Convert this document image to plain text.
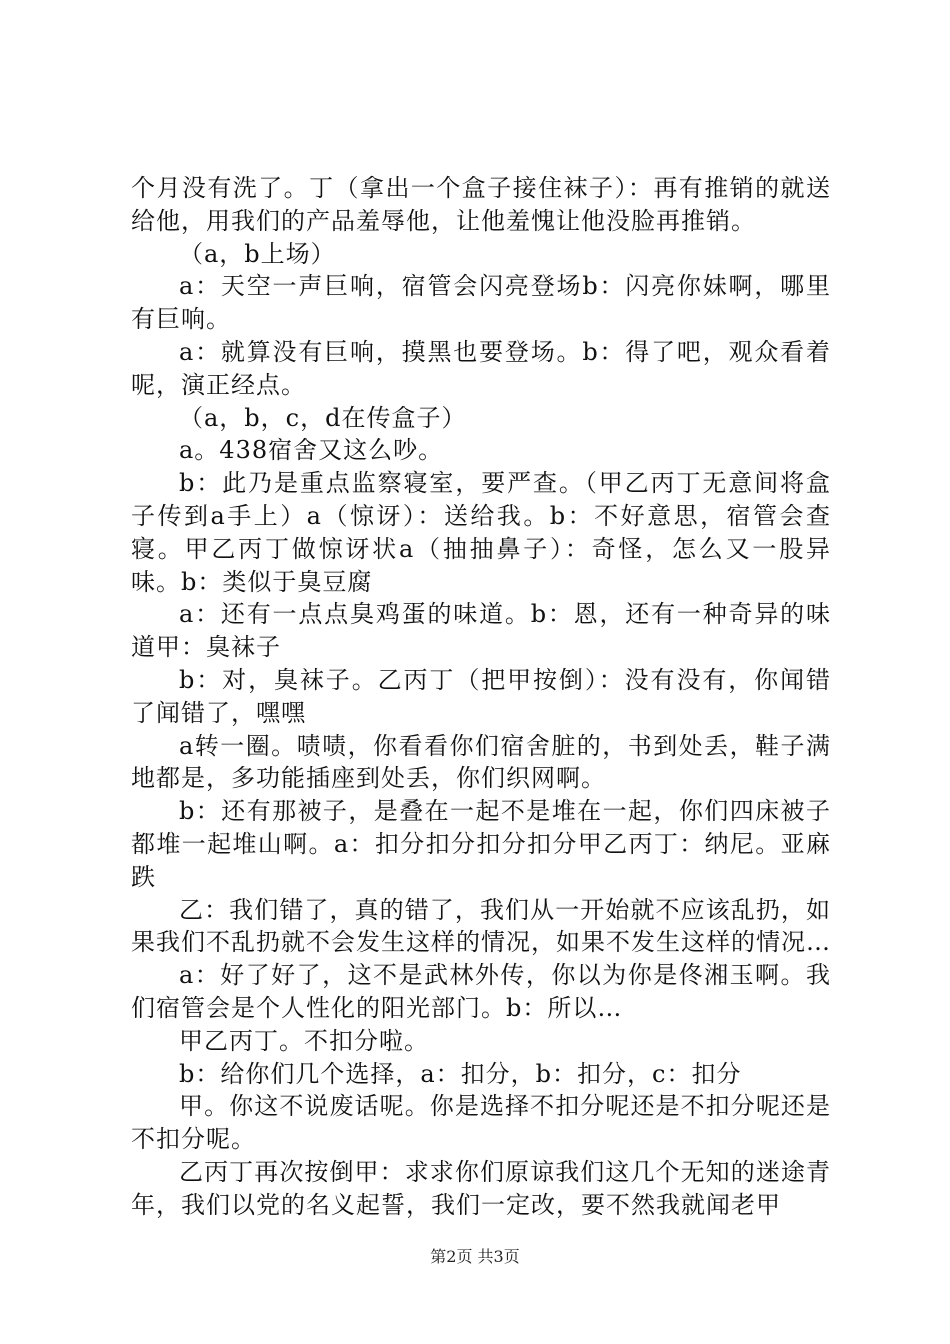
个月没有洗了。丁（拿出一个盒子接住袜子）：再有推销的就送给他，用我们的产品羞辱他，让他羞愧让他没脸再推销。

（a，b上场）

a：天空一声巨响，宿管会闪亮登场b：闪亮你妹啊，哪里有巨响。

a：就算没有巨响，摸黑也要登场。b：得了吧，观众看着呢，演正经点。

（a，b，c，d在传盒子）

a。438宿舍又这么吵。

b：此乃是重点监察寝室，要严查。（甲乙丙丁无意间将盒子传到a手上）a（惊讶）：送给我。b：不好意思，宿管会查寝。甲乙丙丁做惊讶状a（抽抽鼻子）：奇怪，怎么又一股异味。b：类似于臭豆腐

a：还有一点点臭鸡蛋的味道。b：恩，还有一种奇异的味道甲：臭袜子

b：对，臭袜子。乙丙丁（把甲按倒）：没有没有，你闻错了闻错了，嘿嘿

a转一圈。啧啧，你看看你们宿舍脏的，书到处丢，鞋子满地都是，多功能插座到处丢，你们织网啊。

b：还有那被子，是叠在一起不是堆在一起，你们四床被子都堆一起堆山啊。a：扣分扣分扣分扣分甲乙丙丁：纳尼。亚麻跌

乙：我们错了，真的错了，我们从一开始就不应该乱扔，如果我们不乱扔就不会发生这样的情况，如果不发生这样的情况…

a：好了好了，这不是武林外传，你以为你是佟湘玉啊。我们宿管会是个人性化的阳光部门。b：所以…

甲乙丙丁。不扣分啦。

b：给你们几个选择，a：扣分，b：扣分，c：扣分

甲。你这不说废话呢。你是选择不扣分呢还是不扣分呢还是不扣分呢。

乙丙丁再次按倒甲：求求你们原谅我们这几个无知的迷途青年，我们以党的名义起誓，我们一定改，要不然我就闻老甲

第2页 共3页
